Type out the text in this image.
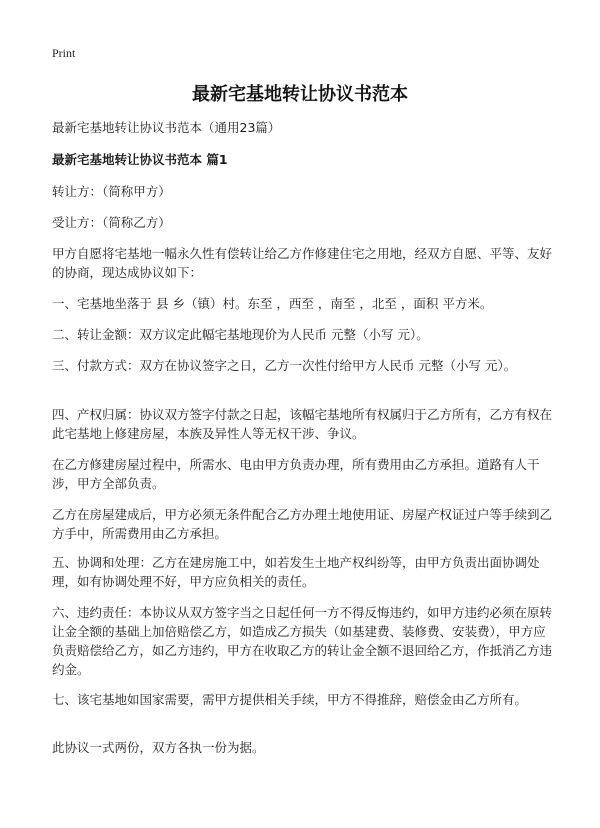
Print
最新宅基地转让协议书范本

最新宅基地转让协议书范本（通用23篇）

最新宅基地转让协议书范本 篇1

转让方：（简称甲方）

受让方：（简称乙方）

甲方自愿将宅基地一幅永久性有偿转让给乙方作修建住宅之用地，经双方自愿、平等、友好的协商，现达成协议如下：

一、宅基地坐落于 县 乡（镇）村。东至 ，西至 ，南至 ，北至 ，面积 平方米。

二、转让金额：双方议定此幅宅基地现价为人民币 元整（小写 元）。

三、付款方式：双方在协议签字之日，乙方一次性付给甲方人民币 元整（小写 元）。

四、产权归属：协议双方签字付款之日起，该幅宅基地所有权属归于乙方所有，乙方有权在此宅基地上修建房屋，本族及异性人等无权干涉、争议。

在乙方修建房屋过程中，所需水、电由甲方负责办理，所有费用由乙方承担。道路有人干涉，甲方全部负责。

乙方在房屋建成后，甲方必须无条件配合乙方办理土地使用证、房屋产权证过户等手续到乙方手中，所需费用由乙方承担。

五、协调和处理：乙方在建房施工中，如若发生土地产权纠纷等，由甲方负责出面协调处理，如有协调处理不好，甲方应负相关的责任。

六、违约责任：本协议从双方签字当之日起任何一方不得反悔违约，如甲方违约必须在原转让金全额的基础上加倍赔偿乙方，如造成乙方损失（如基建费、装修费、安装费），甲方应负责赔偿给乙方，如乙方违约，甲方在收取乙方的转让金全额不退回给乙方，作抵消乙方违约金。

七、该宅基地如国家需要，需甲方提供相关手续，甲方不得推辞，赔偿金由乙方所有。

此协议一式两份，双方各执一份为据。
